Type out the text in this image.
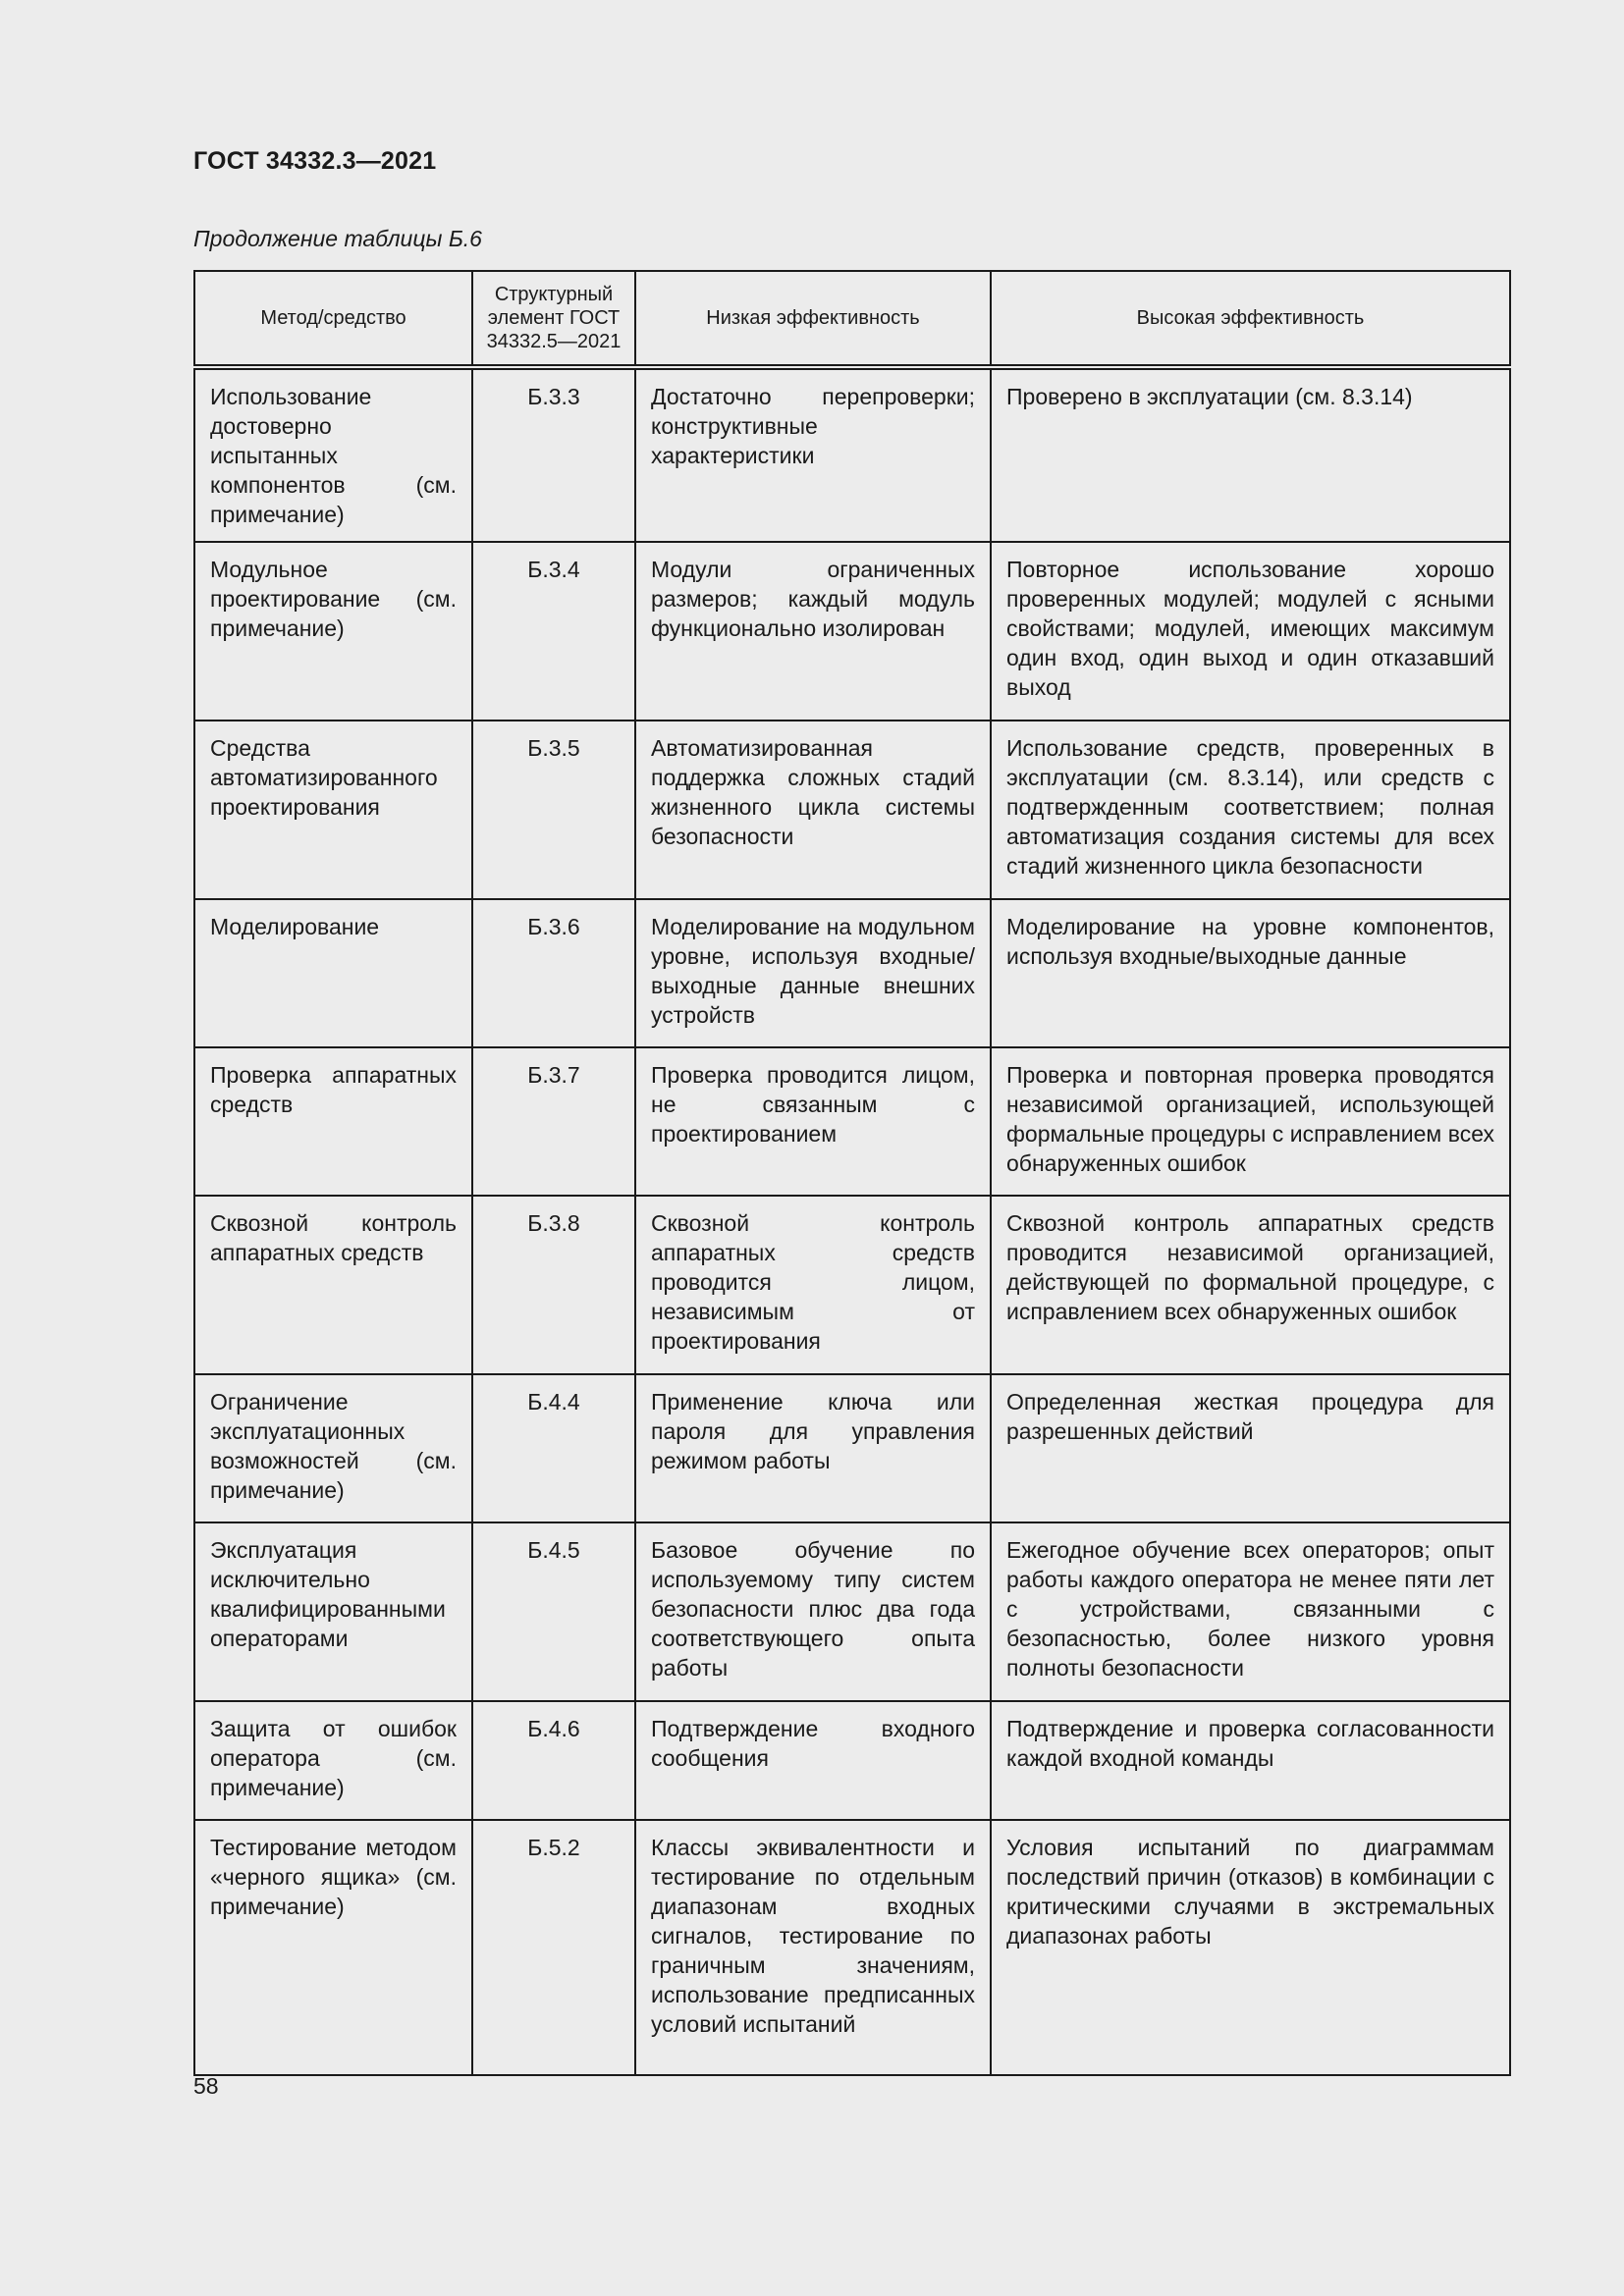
ГОСТ 34332.3—2021
Продолжение таблицы Б.6
Метод/средство	Структурный элемент ГОСТ 34332.5—2021	Низкая эффективность	Высокая эффективность
Использование достоверно испытанных компонентов (см. примечание)	Б.3.3	Достаточно перепроверки; конструктивные характеристики	Проверено в эксплуатации (см. 8.3.14)
Модульное проектирование (см. примечание)	Б.3.4	Модули ограниченных размеров; каждый модуль функционально изолирован	Повторное использование хорошо проверенных модулей; модулей с ясными свойствами; модулей, имеющих максимум один вход, один выход и один отказавший выход
Средства автоматизированного проектирования	Б.3.5	Автоматизированная поддержка сложных стадий жизненного цикла системы безопасности	Использование средств, проверенных в эксплуатации (см. 8.3.14), или средств с подтвержденным соответствием; полная автоматизация создания системы для всех стадий жизненного цикла безопасности
Моделирование	Б.3.6	Моделирование на модульном уровне, используя входные/выходные данные внешних устройств	Моделирование на уровне компонентов, используя входные/выходные данные
Проверка аппаратных средств	Б.3.7	Проверка проводится лицом, не связанным с проектированием	Проверка и повторная проверка проводятся независимой организацией, использующей формальные процедуры с исправлением всех обнаруженных ошибок
Сквозной контроль аппаратных средств	Б.3.8	Сквозной контроль аппаратных средств проводится лицом, независимым от проектирования	Сквозной контроль аппаратных средств проводится независимой организацией, действующей по формальной процедуре, с исправлением всех обнаруженных ошибок
Ограничение эксплуатационных возможностей (см. примечание)	Б.4.4	Применение ключа или пароля для управления режимом работы	Определенная жесткая процедура для разрешенных действий
Эксплуатация исключительно квалифицированными операторами	Б.4.5	Базовое обучение по используемому типу систем безопасности плюс два года соответствующего опыта работы	Ежегодное обучение всех операторов; опыт работы каждого оператора не менее пяти лет с устройствами, связанными с безопасностью, более низкого уровня полноты безопасности
Защита от ошибок оператора (см. примечание)	Б.4.6	Подтверждение входного сообщения	Подтверждение и проверка согласованности каждой входной команды
Тестирование методом «черного ящика» (см. примечание)	Б.5.2	Классы эквивалентности и тестирование по отдельным диапазонам входных сигналов, тестирование по граничным значениям, использование предписанных условий испытаний	Условия испытаний по диаграммам последствий причин (отказов) в комбинации с критическими случаями в экстремальных диапазонах работы
58
